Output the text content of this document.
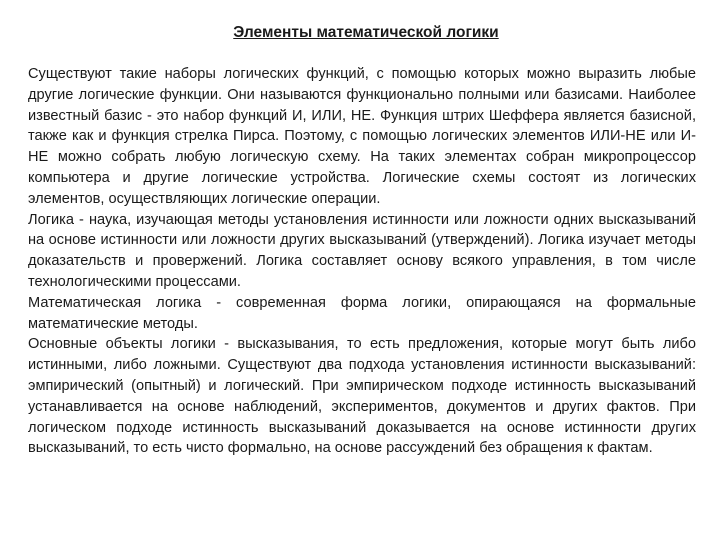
Элементы математической логики

Существуют такие наборы логических функций, с помощью которых можно выразить любые другие логические функции. Они называются функционально полными или базисами. Наиболее известный базис - это набор функций И, ИЛИ, НЕ. Функция штрих Шеффера является базисной, также как и функция стрелка Пирса. Поэтому, с помощью логических элементов ИЛИ-НЕ или И-НЕ можно собрать любую логическую схему. На таких элементах собран микропроцессор компьютера и другие логические устройства. Логические схемы состоят из логических элементов, осуществляющих логические операции.

Логика - наука, изучающая методы установления истинности или ложности одних высказываний на основе истинности или ложности других высказываний (утверждений). Логика изучает методы доказательств и провержений. Логика составляет основу всякого управления, в том числе технологическими процессами.

Математическая логика - современная форма логики, опирающаяся на формальные математические методы.

Основные объекты логики - высказывания, то есть предложения, которые могут быть либо истинными, либо ложными. Существуют два подхода установления истинности высказываний: эмпирический (опытный) и логический. При эмпирическом подходе истинность высказываний устанавливается на основе наблюдений, экспериментов, документов и других фактов. При логическом подходе истинность высказываний доказывается на основе истинности других высказываний, то есть чисто формально, на основе рассуждений без обращения к фактам.
